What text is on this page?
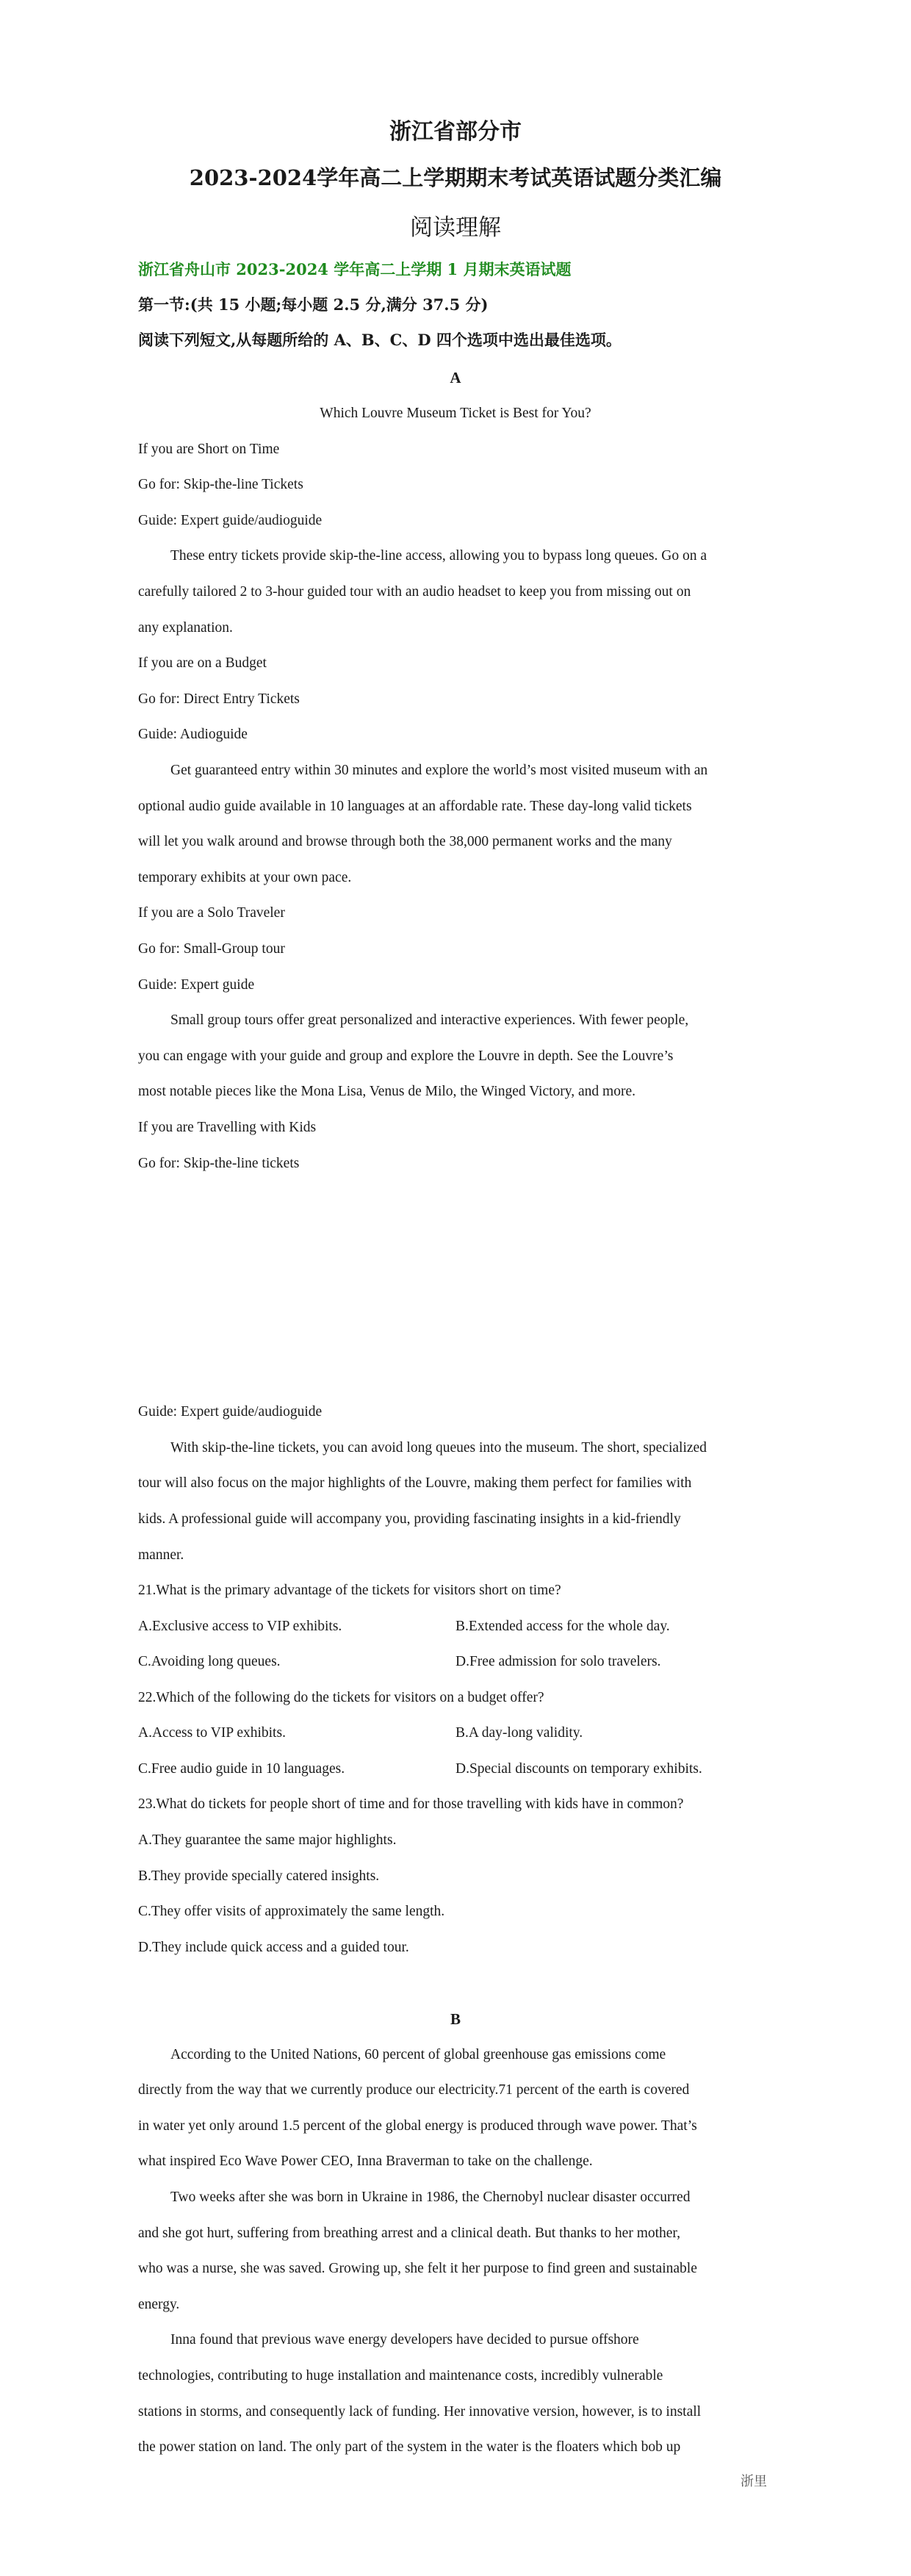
浙江省部分市
2023-2024学年高二上学期期末考试英语试题分类汇编
阅读理解
浙江省舟山市 2023-2024 学年高二上学期 1 月期末英语试题
第一节:(共 15 小题;每小题 2.5 分,满分 37.5 分)
阅读下列短文,从每题所给的 A、B、C、D 四个选项中选出最佳选项。
A
Which Louvre Museum Ticket is Best for You?
If you are Short on Time
Go for: Skip-the-line Tickets
Guide: Expert guide/audioguide
These entry tickets provide skip-the-line access, allowing you to bypass long queues. Go on a
carefully tailored 2 to 3-hour guided tour with an audio headset to keep you from missing out on
any explanation.
If you are on a Budget
Go for: Direct Entry Tickets
Guide: Audioguide
Get guaranteed entry within 30 minutes and explore the world’s most visited museum with an
optional audio guide available in 10 languages at an affordable rate. These day-long valid tickets
will let you walk around and browse through both the 38,000 permanent works and the many
temporary exhibits at your own pace.
If you are a Solo Traveler
Go for: Small-Group tour
Guide: Expert guide
Small group tours offer great personalized and interactive experiences. With fewer people,
you can engage with your guide and group and explore the Louvre in depth. See the Louvre’s
most notable pieces like the Mona Lisa, Venus de Milo, the Winged Victory, and more.
If you are Travelling with Kids
Go for: Skip-the-line tickets
Guide: Expert guide/audioguide
With skip-the-line tickets, you can avoid long queues into the museum. The short, specialized
tour will also focus on the major highlights of the Louvre, making them perfect for families with
kids. A professional guide will accompany you, providing fascinating insights in a kid-friendly
manner.
21.What is the primary advantage of the tickets for visitors short on time?
A.Exclusive access to VIP exhibits.	B.Extended access for the whole day.
C.Avoiding long queues.	D.Free admission for solo travelers.
22.Which of the following do the tickets for visitors on a budget offer?
A.Access to VIP exhibits.	B.A day-long validity.
C.Free audio guide in 10 languages.	D.Special discounts on temporary exhibits.
23.What do tickets for people short of time and for those travelling with kids have in common?
A.They guarantee the same major highlights.
B.They provide specially catered insights.
C.They offer visits of approximately the same length.
D.They include quick access and a guided tour.
B
According to the United Nations, 60 percent of global greenhouse gas emissions come
directly from the way that we currently produce our electricity.71 percent of the earth is covered
in water yet only around 1.5 percent of the global energy is produced through wave power. That’s
what inspired Eco Wave Power CEO, Inna Braverman to take on the challenge.
Two weeks after she was born in Ukraine in 1986, the Chernobyl nuclear disaster occurred
and she got hurt, suffering from breathing arrest and a clinical death. But thanks to her mother,
who was a nurse, she was saved. Growing up, she felt it her purpose to find green and sustainable
energy.
Inna found that previous wave energy developers have decided to pursue offshore
technologies, contributing to huge installation and maintenance costs, incredibly vulnerable
stations in storms, and consequently lack of funding. Her innovative version, however, is to install
the power station on land. The only part of the system in the water is the floaters which bob up
浙里
